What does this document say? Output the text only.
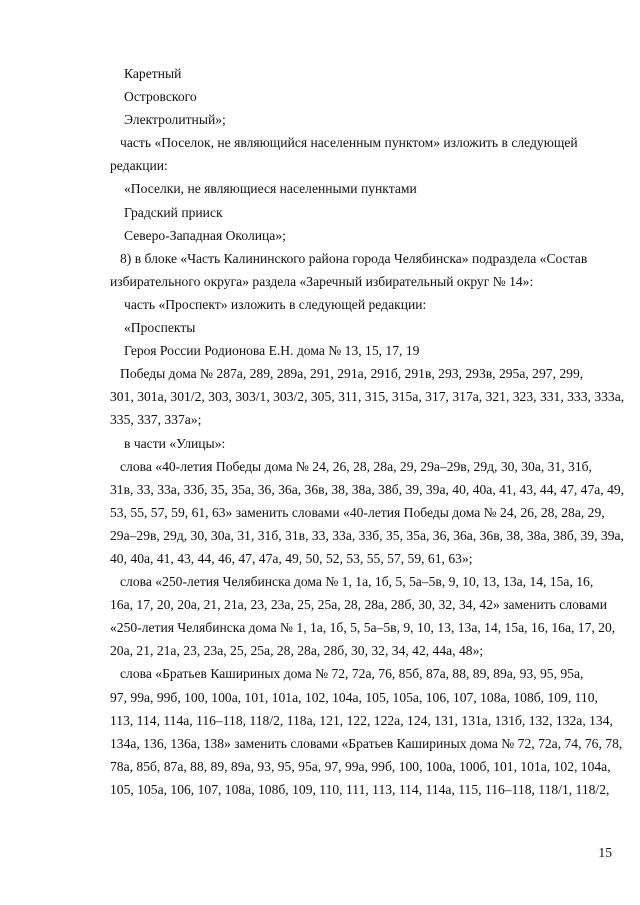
Каретный
Островского
Электролитный»;
часть «Поселок, не являющийся населенным пунктом» изложить в следующей
редакции:
«Поселки, не являющиеся населенными пунктами
Градский прииск
Северо-Западная Околица»;
8) в блоке «Часть Калининского района города Челябинска» подраздела «Состав
избирательного округа» раздела «Заречный избирательный округ № 14»:
часть «Проспект» изложить в следующей редакции:
«Проспекты
Героя России Родионова Е.Н. дома № 13, 15, 17, 19
Победы дома № 287а, 289, 289а, 291, 291а, 291б, 291в, 293, 293в, 295а, 297, 299,
301, 301а, 301/2, 303, 303/1, 303/2, 305, 311, 315, 315а, 317, 317а, 321, 323, 331, 333, 333а,
335, 337, 337а»;
в части «Улицы»:
слова «40-летия Победы дома № 24, 26, 28, 28а, 29, 29а–29в, 29д, 30, 30а, 31, 31б,
31в, 33, 33а, 33б, 35, 35а, 36, 36а, 36в, 38, 38а, 38б, 39, 39а, 40, 40а, 41, 43, 44, 47, 47а, 49,
53, 55, 57, 59, 61, 63» заменить словами «40-летия Победы дома № 24, 26, 28, 28а, 29,
29а–29в, 29д, 30, 30а, 31, 31б, 31в, 33, 33а, 33б, 35, 35а, 36, 36а, 36в, 38, 38а, 38б, 39, 39а,
40, 40а, 41, 43, 44, 46, 47, 47а, 49, 50, 52, 53, 55, 57, 59, 61, 63»;
слова «250-летия Челябинска дома № 1, 1а, 1б, 5, 5а–5в, 9, 10, 13, 13а, 14, 15а, 16,
16а, 17, 20, 20а, 21, 21а, 23, 23а, 25, 25а, 28, 28а, 28б, 30, 32, 34, 42» заменить словами
«250-летия Челябинска дома № 1, 1а, 1б, 5, 5а–5в, 9, 10, 13, 13а, 14, 15а, 16, 16а, 17, 20,
20а, 21, 21а, 23, 23а, 25, 25а, 28, 28а, 28б, 30, 32, 34, 42, 44а, 48»;
слова «Братьев Кашириных дома № 72, 72а, 76, 85б, 87а, 88, 89, 89а, 93, 95, 95а,
97, 99а, 99б, 100, 100а, 101, 101а, 102, 104а, 105, 105а, 106, 107, 108а, 108б, 109, 110,
113, 114, 114а, 116–118, 118/2, 118а, 121, 122, 122а, 124, 131, 131а, 131б, 132, 132а, 134,
134а, 136, 136а, 138» заменить словами «Братьев Кашириных дома № 72, 72а, 74, 76, 78,
78а, 85б, 87а, 88, 89, 89а, 93, 95, 95а, 97, 99а, 99б, 100, 100а, 100б, 101, 101а, 102, 104а,
105, 105а, 106, 107, 108а, 108б, 109, 110, 111, 113, 114, 114а, 115, 116–118, 118/1, 118/2,
15
